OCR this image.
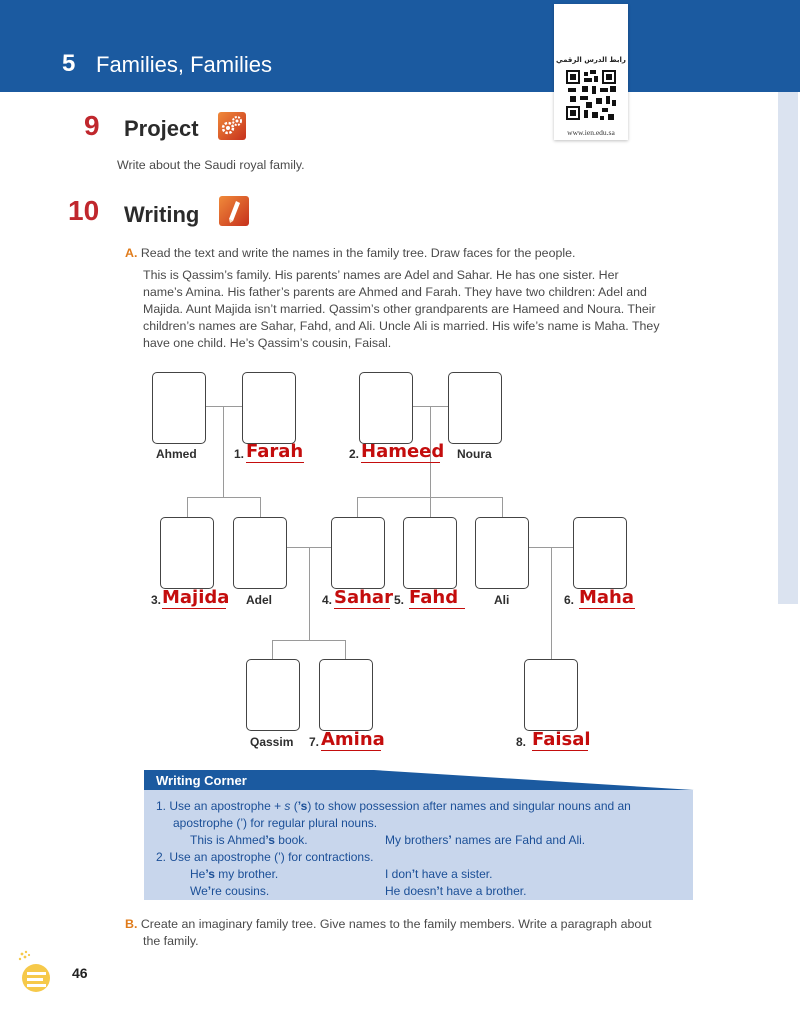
5 Families, Families	رابط الدرس الرقمي
www.ien.edu.sa
9 Project
Write about the Saudi royal family.
10 Writing
A. Read the text and write the names in the family tree. Draw faces for the people.
This is Qassim’s family. His parents’ names are Adel and Sahar. He has one sister. Her
name’s Amina. His father’s parents are Ahmed and Farah. They have two children: Adel and
Majida. Aunt Majida isn’t married. Qassim’s other grandparents are Hameed and Noura. Their
children’s names are Sahar, Fahd, and Ali. Uncle Ali is married. His wife’s name is Maha. They
have one child. He’s Qassim’s cousin, Faisal.
Ahmed	1. Farah	2. Hameed Noura
3. Majida Adel	4. Sahar 5. Fahd	Ali	6. Maha
Qassim 7. Amina	8. Faisal
Writing Corner
1. Use an apostrophe + s (’s) to show possession after names and singular nouns and an
apostrophe (’) for regular plural nouns.
This is Ahmed’s book.	My brothers’ names are Fahd and Ali.
2. Use an apostrophe (’) for contractions.
He’s my brother.	I don’t have a sister.
We’re cousins.	He doesn’t have a brother.
B. Create an imaginary family tree. Give names to the family members. Write a paragraph about
the family.
46
